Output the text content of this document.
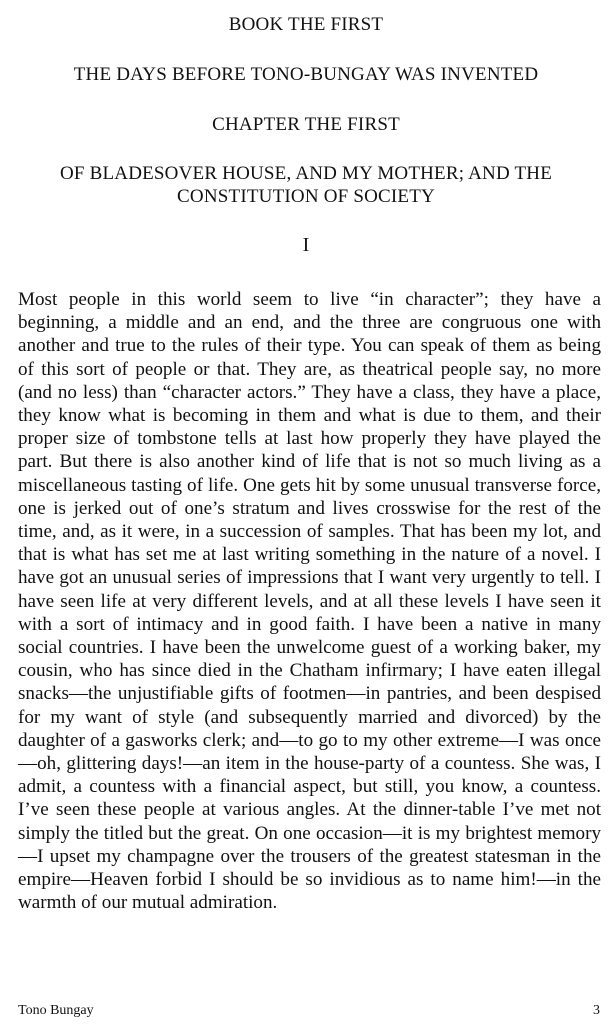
BOOK THE FIRST
THE DAYS BEFORE TONO-BUNGAY WAS INVENTED
CHAPTER THE FIRST
OF BLADESOVER HOUSE, AND MY MOTHER; AND THE CONSTITUTION OF SOCIETY
I

Most people in this world seem to live “in character”; they have a beginning, a middle and an end, and the three are congruous one with another and true to the rules of their type. You can speak of them as being of this sort of people or that. They are, as theatrical people say, no more (and no less) than “character actors.” They have a class, they have a place, they know what is becoming in them and what is due to them, and their proper size of tombstone tells at last how properly they have played the part. But there is also another kind of life that is not so much living as a miscellaneous tasting of life. One gets hit by some unusual transverse force, one is jerked out of one’s stratum and lives crosswise for the rest of the time, and, as it were, in a succession of samples. That has been my lot, and that is what has set me at last writing something in the nature of a novel. I have got an unusual series of impressions that I want very urgently to tell. I have seen life at very different levels, and at all these levels I have seen it with a sort of intimacy and in good faith. I have been a native in many social countries. I have been the unwelcome guest of a working baker, my cousin, who has since died in the Chatham infirmary; I have eaten illegal snacks—the unjustifiable gifts of footmen—in pantries, and been despised for my want of style (and subsequently married and divorced) by the daughter of a gasworks clerk; and—to go to my other extreme—I was once—oh, glittering days!—an item in the house-party of a countess. She was, I admit, a countess with a financial aspect, but still, you know, a countess. I’ve seen these people at various angles. At the dinner-table I’ve met not simply the titled but the great. On one occasion—it is my brightest memory—I upset my champagne over the trousers of the greatest statesman in the empire—Heaven forbid I should be so invidious as to name him!—in the warmth of our mutual admiration.

Tono Bungay	3
